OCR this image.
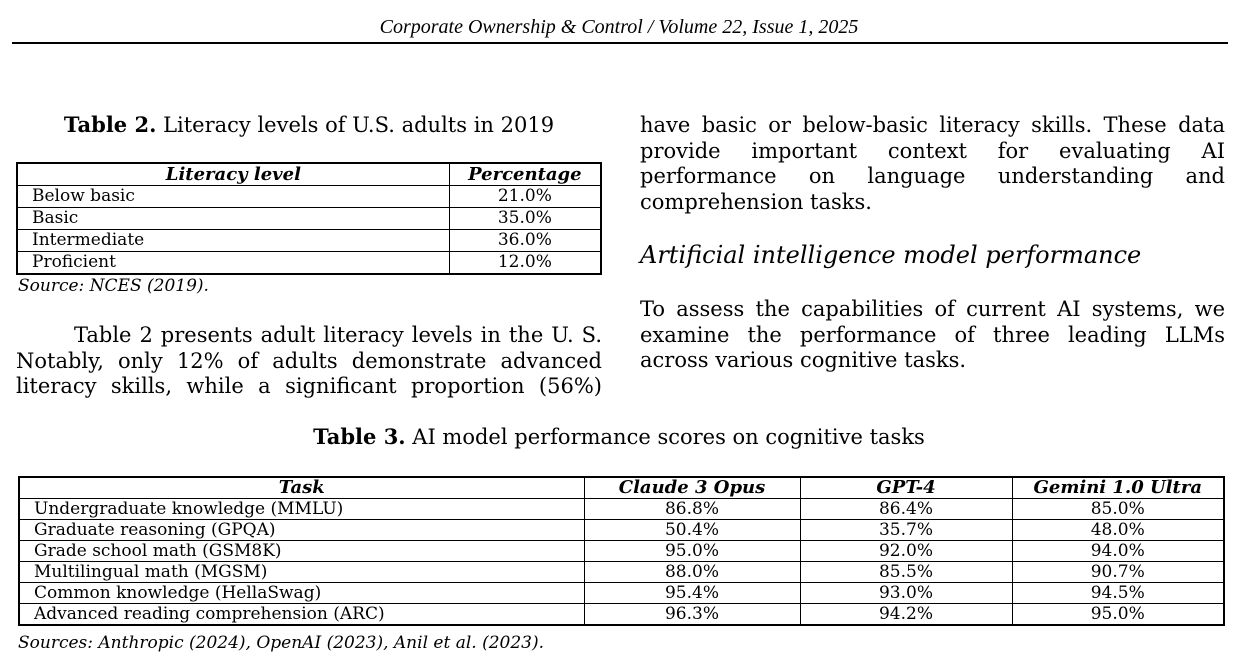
Corporate Ownership & Control / Volume 22, Issue 1, 2025
Table 2. Literacy levels of U.S. adults in 2019
Literacy level	Percentage
Below basic	21.0%
Basic	35.0%
Intermediate	36.0%
Proficient	12.0%
Source: NCES (2019).
Table 2 presents adult literacy levels in the U. S. Notably, only 12% of adults demonstrate advanced literacy skills, while a significant proportion (56%)
have basic or below-basic literacy skills. These data provide important context for evaluating AI performance on language understanding and comprehension tasks.
Artificial intelligence model performance
To assess the capabilities of current AI systems, we examine the performance of three leading LLMs across various cognitive tasks.
Table 3. AI model performance scores on cognitive tasks
Task	Claude 3 Opus	GPT-4	Gemini 1.0 Ultra
Undergraduate knowledge (MMLU)	86.8%	86.4%	85.0%
Graduate reasoning (GPQA)	50.4%	35.7%	48.0%
Grade school math (GSM8K)	95.0%	92.0%	94.0%
Multilingual math (MGSM)	88.0%	85.5%	90.7%
Common knowledge (HellaSwag)	95.4%	93.0%	94.5%
Advanced reading comprehension (ARC)	96.3%	94.2%	95.0%
Sources: Anthropic (2024), OpenAI (2023), Anil et al. (2023).
